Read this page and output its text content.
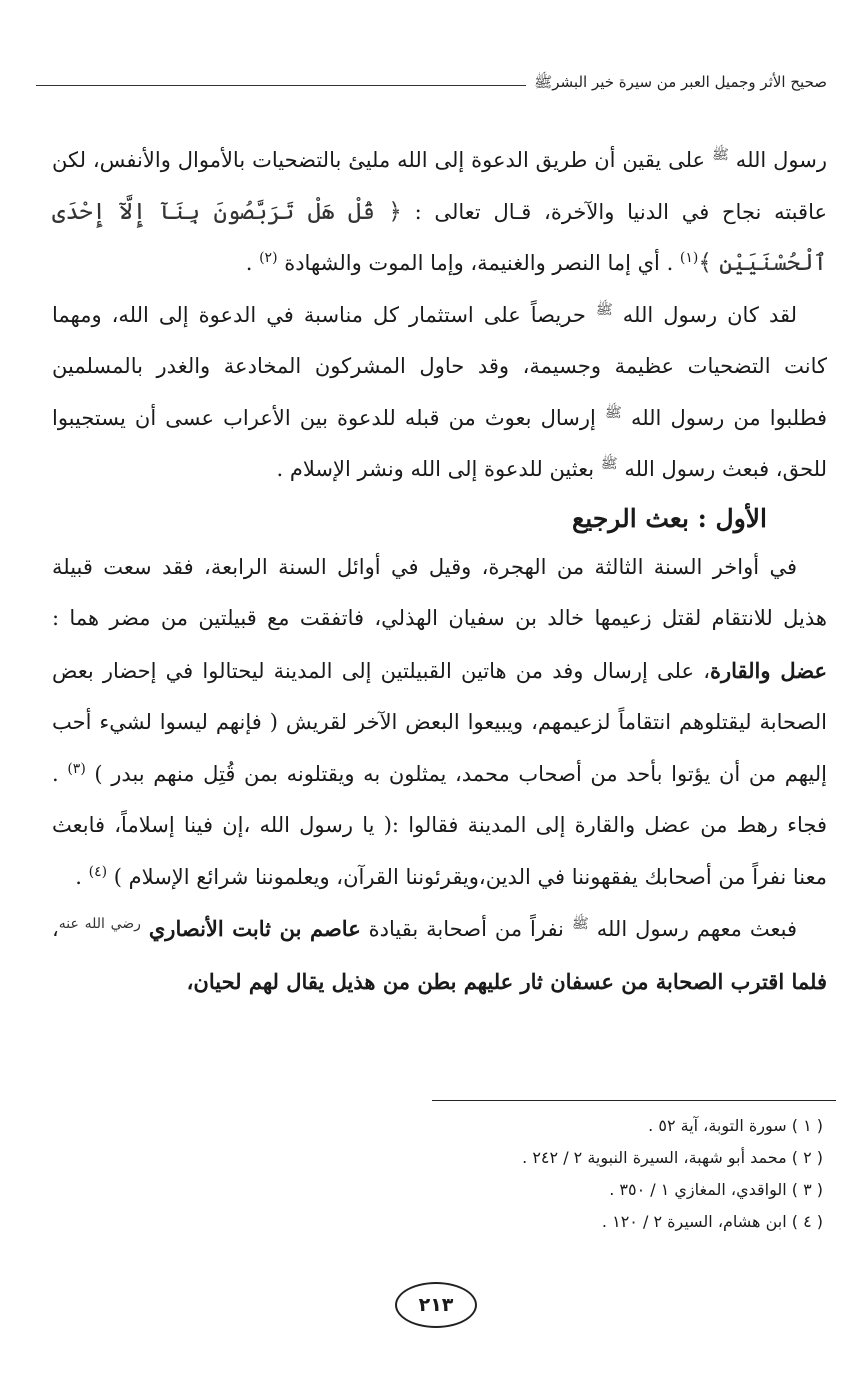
صحيح الأثر وجميل العبر من سيرة خير البشرﷺ

رسول الله $^ﷺ$ على يقين أن طريق الدعوة إلى الله مليئ بالتضحيات بالأموال والأنفس، لكن عاقبته نجاح في الدنيا والآخرة، قـال تعالى : ﴿ قُلْ هَلْ تَرَبَّصُونَ بِنَآ إِلَّآ إِحْدَى ٱلْحُسْنَيَيْنِ ﴾$^{(١)}$ . أي إما النصر والغنيمة، وإما الموت والشهادة $^{(٢)}$ .

لقد كان رسول الله $^ﷺ$ حريصاً على استثمار كل مناسبة في الدعوة إلى الله، ومهما كانت التضحيات عظيمة وجسيمة، وقد حاول المشركون المخادعة والغدر بالمسلمين فطلبوا من رسول الله $^ﷺ$ إرسال بعوث من قبله للدعوة بين الأعراب عسى أن يستجيبوا للحق، فبعث رسول الله $^ﷺ$ بعثين للدعوة إلى الله ونشر الإسلام .

الأول : بعث الرجيع

في أواخر السنة الثالثة من الهجرة، وقيل في أوائل السنة الرابعة، فقد سعت قبيلة هذيل للانتقام لقتل زعيمها خالد بن سفيان الهذلي، فاتفقت مع قبيلتين من مضر هما : عضل والقارة، على إرسال وفد من هاتين القبيلتين إلى المدينة ليحتالوا في إحضار بعض الصحابة ليقتلوهم انتقاماً لزعيمهم، ويبيعوا البعض الآخر لقريش ( فإنهم ليسوا لشيء أحب إليهم من أن يؤتوا بأحد من أصحاب محمد، يمثلون به ويقتلونه بمن قُتِل منهم ببدر ) $^{(٣)}$ . فجاء رهط من عضل والقارة إلى المدينة فقالوا :( يا رسول الله ،إن فينا إسلاماً، فابعث معنا نفراً من أصحابك يفقهوننا في الدين،ويقرئوننا القرآن، ويعلموننا شرائع الإسلام ) $^{(٤)}$ .

فبعث معهم رسول الله $^ﷺ$ نفراً من أصحابة بقيادة عاصم بن ثابت الأنصاري $^{رضي الله عنه}$، فلما اقترب الصحابة من عسفان ثار عليهم بطن من هذيل يقال لهم لحيان،

( ١ ) سورة التوبة، آية ٥٢ .
( ٢ ) محمد أبو شهبة، السيرة النبوية ٢ / ٢٤٢ .
( ٣ ) الواقدي، المغازي ١ / ٣٥٠ .
( ٤ ) ابن هشام، السيرة ٢ / ١٢٠ .
٢١٣
